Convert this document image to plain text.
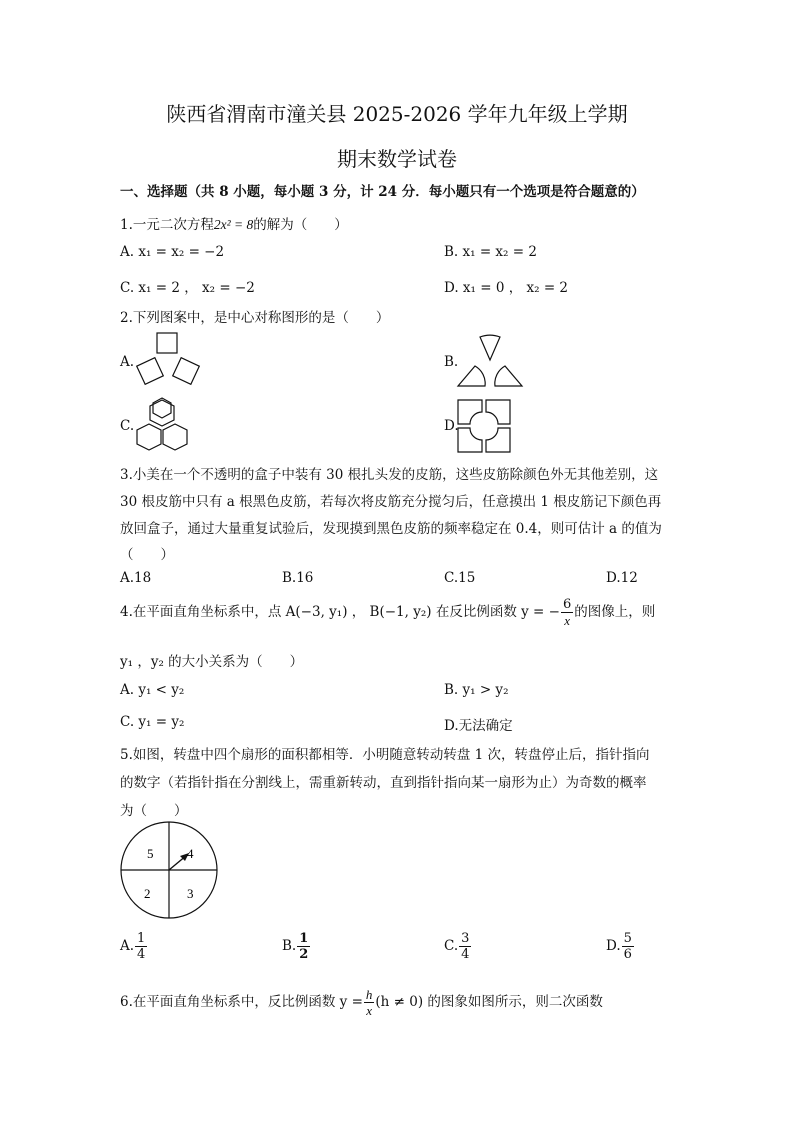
陕西省渭南市潼关县 2025-2026 学年九年级上学期
期末数学试卷
一、选择题（共 8 小题，每小题 3 分，计 24 分．每小题只有一个选项是符合题意的）
1.一元二次方程2x² = 8的解为（　　）
A. x₁ = x₂ = −2	B. x₁ = x₂ = 2
C. x₁ = 2 ， x₂ = −2	D. x₁ = 0 ， x₂ = 2
2.下列图案中，是中心对称图形的是（　　）
A.	B.
C.	D.
3.小美在一个不透明的盒子中装有 30 根扎头发的皮筋，这些皮筋除颜色外无其他差别，这
30 根皮筋中只有 a 根黑色皮筋，若每次将皮筋充分搅匀后，任意摸出 1 根皮筋记下颜色再
放回盒子，通过大量重复试验后，发现摸到黑色皮筋的频率稳定在 0.4，则可估计 a 的值为
（　　）
A.18	B.16	C.15	D.12
4.在平面直角坐标系中，点 A(−3, y₁) ， B(−1, y₂) 在反比例函数 y = − $\frac{6}{x}$ 的图像上，则
y₁ ，y₂ 的大小关系为（　　）
A. y₁ < y₂	B. y₁ > y₂
C. y₁ = y₂	D.无法确定
5.如图，转盘中四个扇形的面积都相等．小明随意转动转盘 1 次，转盘停止后，指针指向
的数字（若指针指在分割线上，需重新转动，直到指针指向某一扇形为止）为奇数的概率
为（　　）
5	4
2	3
A. $\frac{1}{4}$	B. $\frac{1}{2}$	C. $\frac{3}{4}$	D. $\frac{5}{6}$
6.在平面直角坐标系中，反比例函数 $y = \frac{h}{x} (h \ne 0)$ 的图象如图所示，则二次函数
